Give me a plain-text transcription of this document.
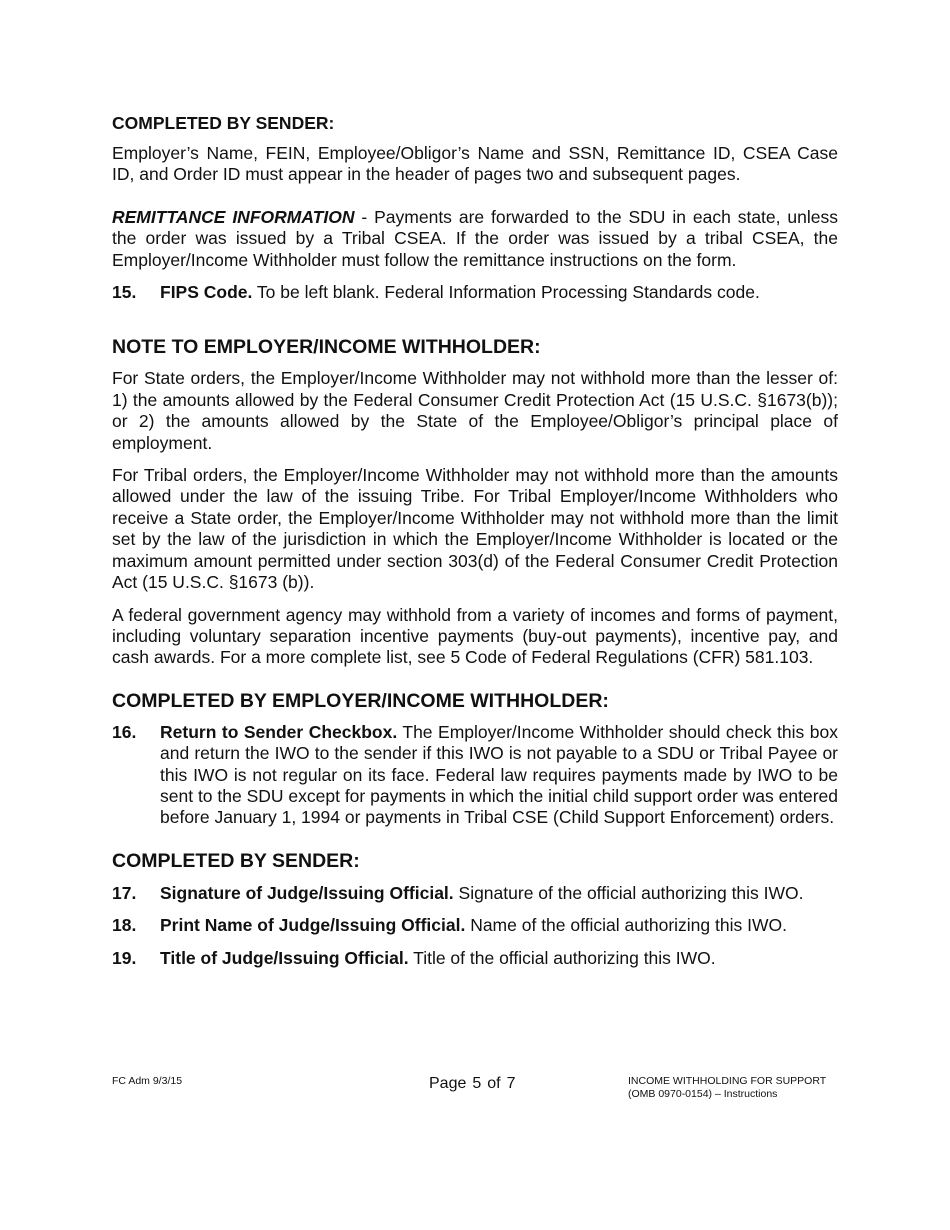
COMPLETED BY SENDER:

Employer’s Name, FEIN, Employee/Obligor’s Name and SSN, Remittance ID, CSEA Case ID, and Order ID must appear in the header of pages two and subsequent pages.

REMITTANCE INFORMATION - Payments are forwarded to the SDU in each state, unless the order was issued by a Tribal CSEA. If the order was issued by a tribal CSEA, the Employer/Income Withholder must follow the remittance instructions on the form.

15.	FIPS Code. To be left blank. Federal Information Processing Standards code.
NOTE TO EMPLOYER/INCOME WITHHOLDER:

For State orders, the Employer/Income Withholder may not withhold more than the lesser of: 1) the amounts allowed by the Federal Consumer Credit Protection Act (15 U.S.C. §1673(b)); or 2) the amounts allowed by the State of the Employee/Obligor’s principal place of employment.

For Tribal orders, the Employer/Income Withholder may not withhold more than the amounts allowed under the law of the issuing Tribe. For Tribal Employer/Income Withholders who receive a State order, the Employer/Income Withholder may not withhold more than the limit set by the law of the jurisdiction in which the Employer/Income Withholder is located or the maximum amount permitted under section 303(d) of the Federal Consumer Credit Protection Act (15 U.S.C. §1673 (b)).

A federal government agency may withhold from a variety of incomes and forms of payment, including voluntary separation incentive payments (buy-out payments), incentive pay, and cash awards. For a more complete list, see 5 Code of Federal Regulations (CFR) 581.103.

COMPLETED BY EMPLOYER/INCOME WITHHOLDER:
16.	Return to Sender Checkbox. The Employer/Income Withholder should check this box and return the IWO to the sender if this IWO is not payable to a SDU or Tribal Payee or this IWO is not regular on its face. Federal law requires payments made by IWO to be sent to the SDU except for payments in which the initial child support order was entered before January 1, 1994 or payments in Tribal CSE (Child Support Enforcement) orders.
COMPLETED BY SENDER:
17.	Signature of Judge/Issuing Official. Signature of the official authorizing this IWO.
18.	Print Name of Judge/Issuing Official. Name of the official authorizing this IWO.
19.	Title of Judge/Issuing Official. Title of the official authorizing this IWO.
FC Adm 9/3/15	Page 5 of 7	INCOME WITHHOLDING FOR SUPPORT
(OMB 0970-0154) – Instructions
